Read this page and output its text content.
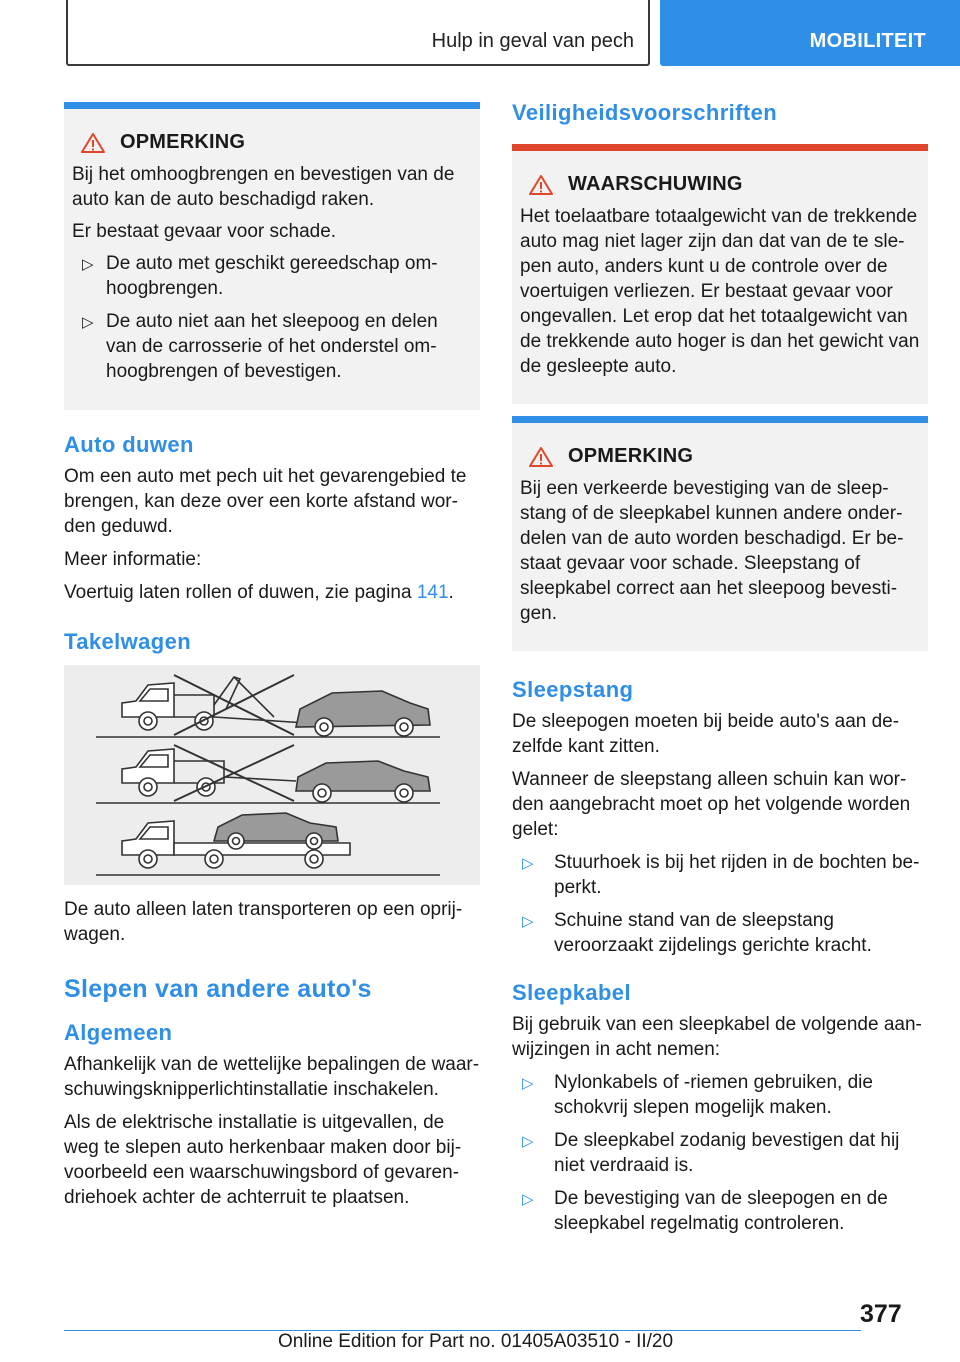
Hulp in geval van pech	MOBILITEIT
OPMERKING

Bij het omhoogbrengen en bevestigen van de auto kan de auto beschadigd raken.

Er bestaat gevaar voor schade.

▷ De auto met geschikt gereedschap omhoogbrengen.
▷ De auto niet aan het sleepoog en delen van de carrosserie of het onderstel omhoogbrengen of bevestigen.
Auto duwen

Om een auto met pech uit het gevarengebied te brengen, kan deze over een korte afstand worden geduwd.

Meer informatie:

Voertuig laten rollen of duwen, zie pagina 141.

Takelwagen

De auto alleen laten transporteren op een oprijwagen.

Slepen van andere auto's
Algemeen

Afhankelijk van de wettelijke bepalingen de waarschuwingsknipperlichtinstallatie inschakelen.

Als de elektrische installatie is uitgevallen, de weg te slepen auto herkenbaar maken door bijvoorbeeld een waarschuwingsbord of gevarendriehoek achter de achterruit te plaatsen.

Veiligheidsvoorschriften
WAARSCHUWING

Het toelaatbare totaalgewicht van de trekkende auto mag niet lager zijn dan dat van de te slepen auto, anders kunt u de controle over de voertuigen verliezen. Er bestaat gevaar voor ongevallen. Let erop dat het totaalgewicht van de trekkende auto hoger is dan het gewicht van de gesleepte auto.

OPMERKING

Bij een verkeerde bevestiging van de sleepstang of de sleepkabel kunnen andere onderdelen van de auto worden beschadigd. Er bestaat gevaar voor schade. Sleepstang of sleepkabel correct aan het sleepoog bevestigen.

Sleepstang

De sleepogen moeten bij beide auto's aan dezelfde kant zitten.

Wanneer de sleepstang alleen schuin kan worden aangebracht moet op het volgende worden gelet:

▷ Stuurhoek is bij het rijden in de bochten beperkt.
▷ Schuine stand van de sleepstang veroorzaakt zijdelings gerichte kracht.
Sleepkabel

Bij gebruik van een sleepkabel de volgende aanwijzingen in acht nemen:

▷ Nylonkabels of -riemen gebruiken, die schokvrij slepen mogelijk maken.
▷ De sleepkabel zodanig bevestigen dat hij niet verdraaid is.
▷ De bevestiging van de sleepogen en de sleepkabel regelmatig controleren.
377
Online Edition for Part no. 01405A03510 - II/20
